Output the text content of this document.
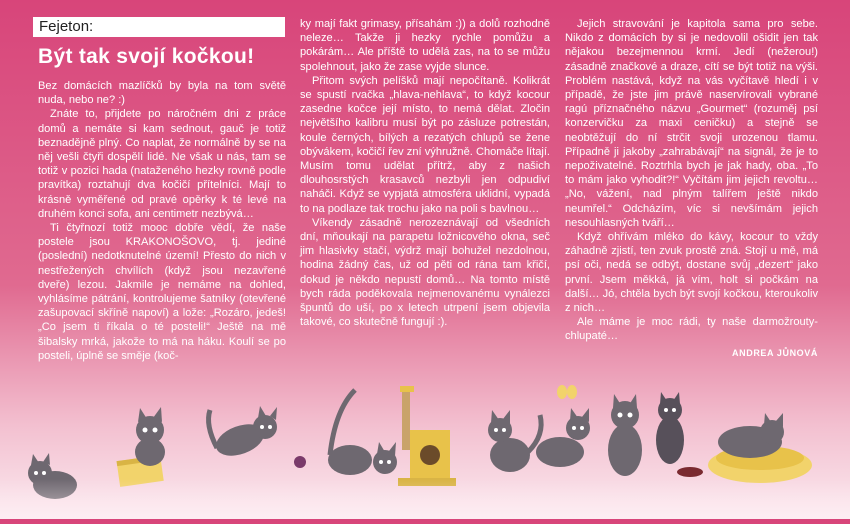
Fejeton:
Být tak svojí kočkou!

Bez domácích mazlíčků by byla na tom světě nuda, nebo ne? :)

Znáte to, přijdete po náročném dni z práce domů a nemáte si kam sednout, gauč je totiž beznadějně plný. Co naplat, že normálně by se na něj vešli čtyři dospělí lidé. Ne však u nás, tam se totiž v pozici hada (nataženého hezky rovně podle pravítka) roztahují dva kočičí přítelníci. Mají to krásně vyměřené od pravé opěrky k té levé na druhém konci sofa, ani centimetr nezbývá…

Ti čtyřnozí totiž mooc dobře vědí, že naše postele jsou KRAKONOŠOVO, tj. jediné (poslední) nedotknutelné území! Přesto do nich v nestřežených chvílích (když jsou nezavřené dveře) lezou. Jakmile je nemáme na dohled, vyhlásíme pátrání, kontrolujeme šatníky (otevřené zašupovací skříně napoví) a lože: „Rozáro, jedeš! „Co jsem ti říkala o té posteli!“ Ještě na mě šibalsky mrká, jakože to má na háku. Koulí se po posteli, úplně se směje (koč-

ky mají fakt grimasy, přísahám :)) a dolů rozhodně neleze… Takže ji hezky rychle pomůžu a pokárám… Ale příště to udělá zas, na to se můžu spolehnout, jako že zase vyjde slunce.

Přitom svých pelíšků mají nepočítaně. Kolikrát se spustí rvačka „hlava-nehlava“, to když kocour zasedne kočce její místo, to nemá dělat. Zločin největšího kalibru musí být po zásluze potrestán, koule černých, bílých a rezatých chlupů se žene obývákem, kočičí řev zní výhružně. Chomáče lítají. Musím tomu udělat přítrž, aby z našich dlouhosrstých krasavců nezbyli jen odpudiví naháči. Když se vypjatá atmosféra uklidní, vypadá to na podlaze tak trochu jako na poli s bavlnou…

Víkendy zásadně nerozeznávají od všedních dní, mňoukají na parapetu ložnicového okna, seč jim hlasivky stačí, výdrž mají bohužel nezdolnou, hodina žádný čas, už od pěti od rána tam křičí, dokud je někdo nepustí domů… Na tomto místě bych ráda poděkovala nejmenovanému vynálezci špuntů do uší, po x letech utrpení jsem objevila takové, co skutečně fungují :).

Jejich stravování je kapitola sama pro sebe. Nikdo z domácích by si je nedovolil ošidit jen tak nějakou bezejmennou krmí. Jedí (nežerou!) zásadně značkové a draze, cítí se být totiž na výši. Problém nastává, když na vás vyčítavě hledí i v případě, že jste jim právě naservírovali vybrané ragú příznačného názvu „Gourmet“ (rozuměj psí konzervičku za maxi ceničku) a stejně se neobtěžují do ní strčit svoji urozenou tlamu. Případně ji jakoby „zahrabávají“ na signál, že je to nepoživatelné. Roztrhla bych je jak hady, oba. „To to mám jako vyhodit?!“ Vyčítám jim jejich revoltu… „No, vážení, nad plným talířem ještě nikdo neumřel.“ Odcházím, víc si nevšímám jejich nesouhlasných tváří…

Když ohřívám mléko do kávy, kocour to vždy záhadně zjistí, ten zvuk prostě zná. Stojí u mě, má psí oči, nedá se odbýt, dostane svůj „dezert“ jako první. Jsem měkká, já vím, holt si počkám na další… Jó, chtěla bych být svojí kočkou, kteroukoliv z nich…

Ale máme je moc rádi, ty naše darmožrouty-chlupaté…

ANDREA JŮNOVÁ
